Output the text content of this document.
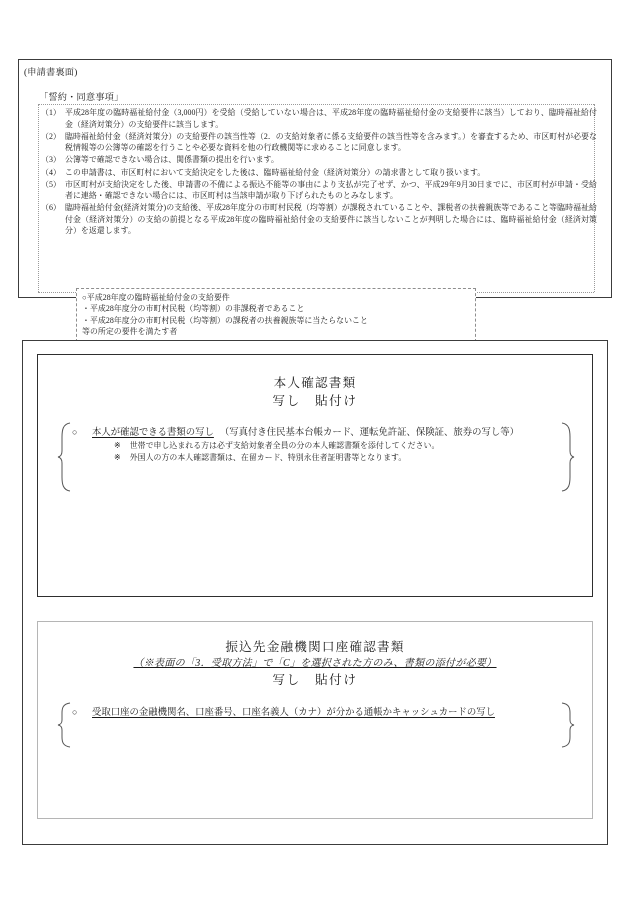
(申請書裏面)
「誓約・同意事項」
（1） 平成28年度の臨時福祉給付金（3,000円）を受給（受給していない場合は、平成28年度の臨時福祉給付金の支給要件に該当）しており、臨時福祉給付金（経済対策分）の支給要件に該当します。
（2） 臨時福祉給付金（経済対策分）の支給要件の該当性等（2．の支給対象者に係る支給要件の該当性等を含みます。）を審査するため、市区町村が必要な税情報等の公簿等の確認を行うことや必要な資料を他の行政機関等に求めることに同意します。
（3） 公簿等で確認できない場合は、関係書類の提出を行います。
（4） この申請書は、市区町村において支給決定をした後は、臨時福祉給付金（経済対策分）の請求書として取り扱います。
（5） 市区町村が支給決定をした後、申請書の不備による振込不能等の事由により支払が完了せず、かつ、平成29年9月30日までに、市区町村が申請・受給者に連絡・確認できない場合には、市区町村は当該申請が取り下げられたものとみなします。
（6） 臨時福祉給付金(経済対策分)の支給後、平成28年度分の市町村民税（均等割）が課税されていることや、課税者の扶養親族等であること等臨時福祉給付金（経済対策分）の支給の前提となる平成28年度の臨時福祉給付金の支給要件に該当しないことが判明した場合には、臨時福祉給付金（経済対策分）を返還します。
○平成28年度の臨時福祉給付金の支給要件
・平成28年度分の市町村民税（均等割）の非課税者であること
・平成28年度分の市町村民税（均等割）の課税者の扶養親族等に当たらないこと
等の所定の要件を満たす者
本人確認書類
写し　貼付け
○	本人が確認できる書類の写し （写真付き住民基本台帳カード、運転免許証、保険証、旅券の写し等）
※ 世帯で申し込まれる方は必ず支給対象者全員の分の本人確認書類を添付してください。
※ 外国人の方の本人確認書類は、在留カード、特別永住者証明書等となります。
振込先金融機関口座確認書類
（※表面の「3．受取方法」で「C」を選択された方のみ、書類の添付が必要）
写し　貼付け
○	受取口座の金融機関名、口座番号、口座名義人（カナ）が分かる通帳かキャッシュカードの写し
